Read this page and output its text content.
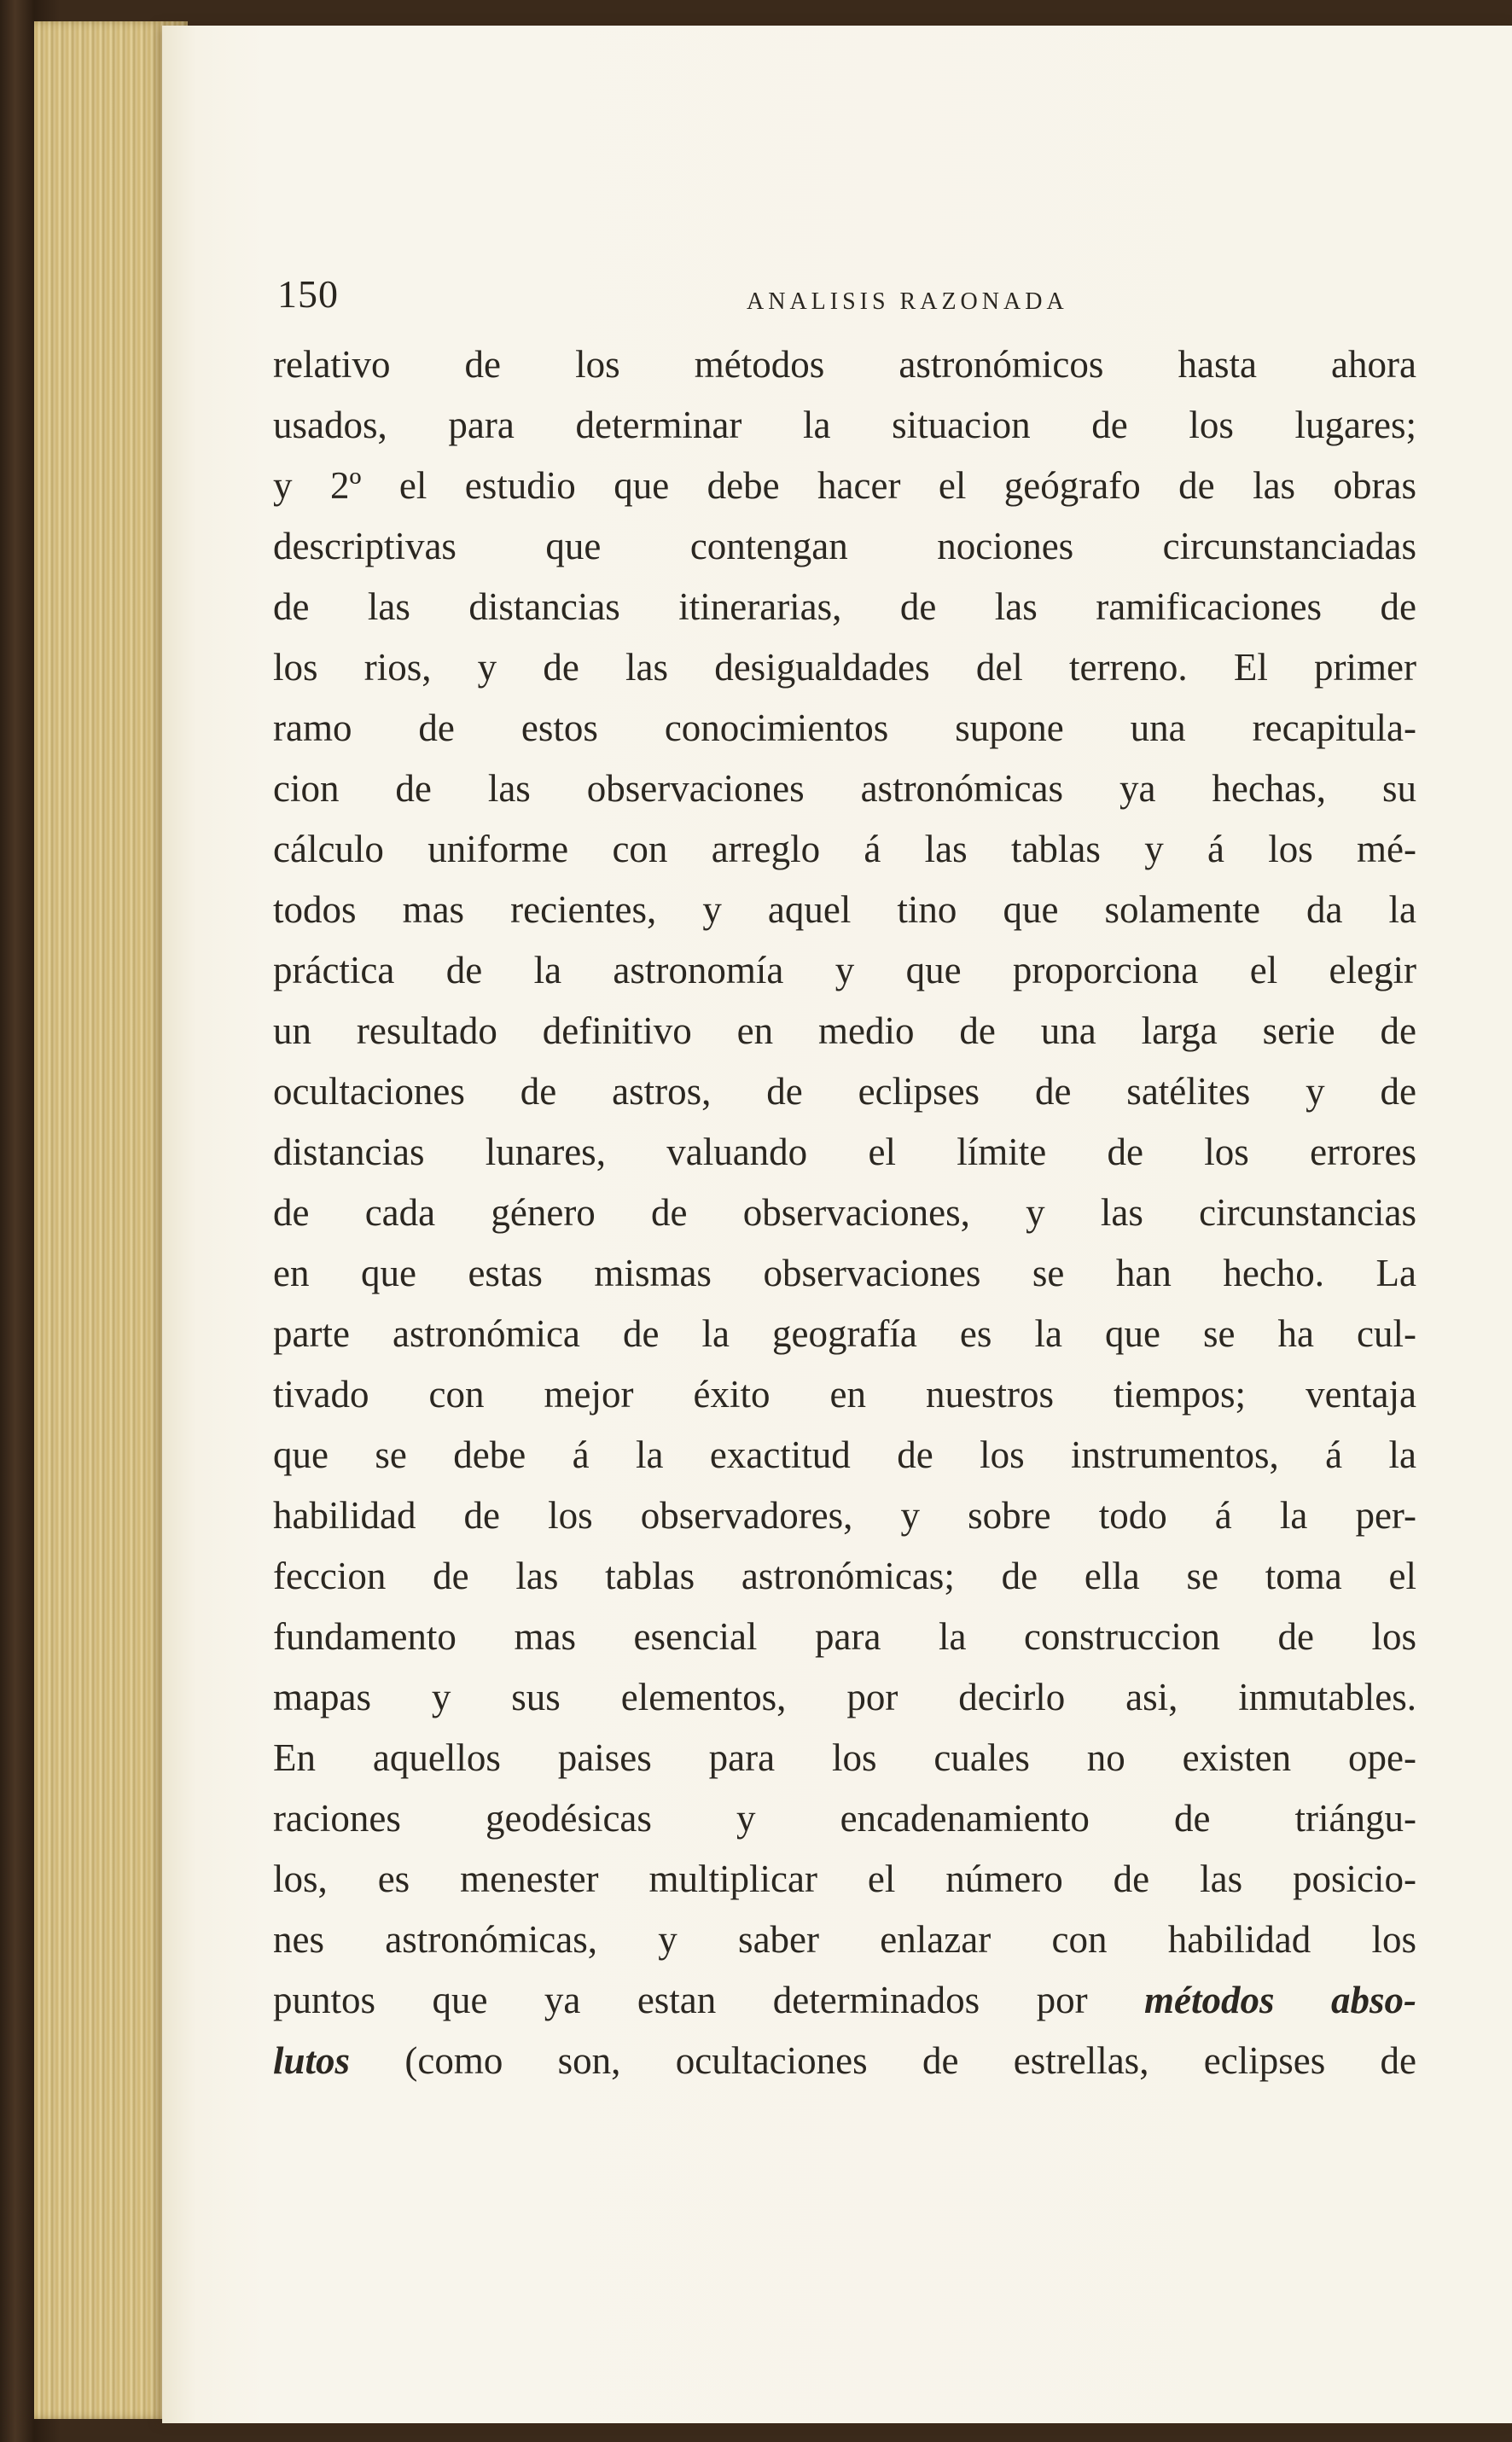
150	ANALISIS RAZONADA
relativo de los métodos astronómicos hasta ahora
usados, para determinar la situacion de los lugares;
y 2º el estudio que debe hacer el geógrafo de las obras
descriptivas que contengan nociones circunstanciadas
de las distancias itinerarias, de las ramificaciones de
los rios, y de las desigualdades del terreno. El primer
ramo de estos conocimientos supone una recapitula-
cion de las observaciones astronómicas ya hechas, su
cálculo uniforme con arreglo á las tablas y á los mé-
todos mas recientes, y aquel tino que solamente da la
práctica de la astronomía y que proporciona el elegir
un resultado definitivo en medio de una larga serie de
ocultaciones de astros, de eclipses de satélites y de
distancias lunares, valuando el límite de los errores
de cada género de observaciones, y las circunstancias
en que estas mismas observaciones se han hecho. La
parte astronómica de la geografía es la que se ha cul-
tivado con mejor éxito en nuestros tiempos; ventaja
que se debe á la exactitud de los instrumentos, á la
habilidad de los observadores, y sobre todo á la per-
feccion de las tablas astronómicas; de ella se toma el
fundamento mas esencial para la construccion de los
mapas y sus elementos, por decirlo asi, inmutables.
En aquellos paises para los cuales no existen ope-
raciones geodésicas y encadenamiento de triángu-
los, es menester multiplicar el número de las posicio-
nes astronómicas, y saber enlazar con habilidad los
puntos que ya estan determinados por métodos abso-
lutos (como son, ocultaciones de estrellas, eclipses de
